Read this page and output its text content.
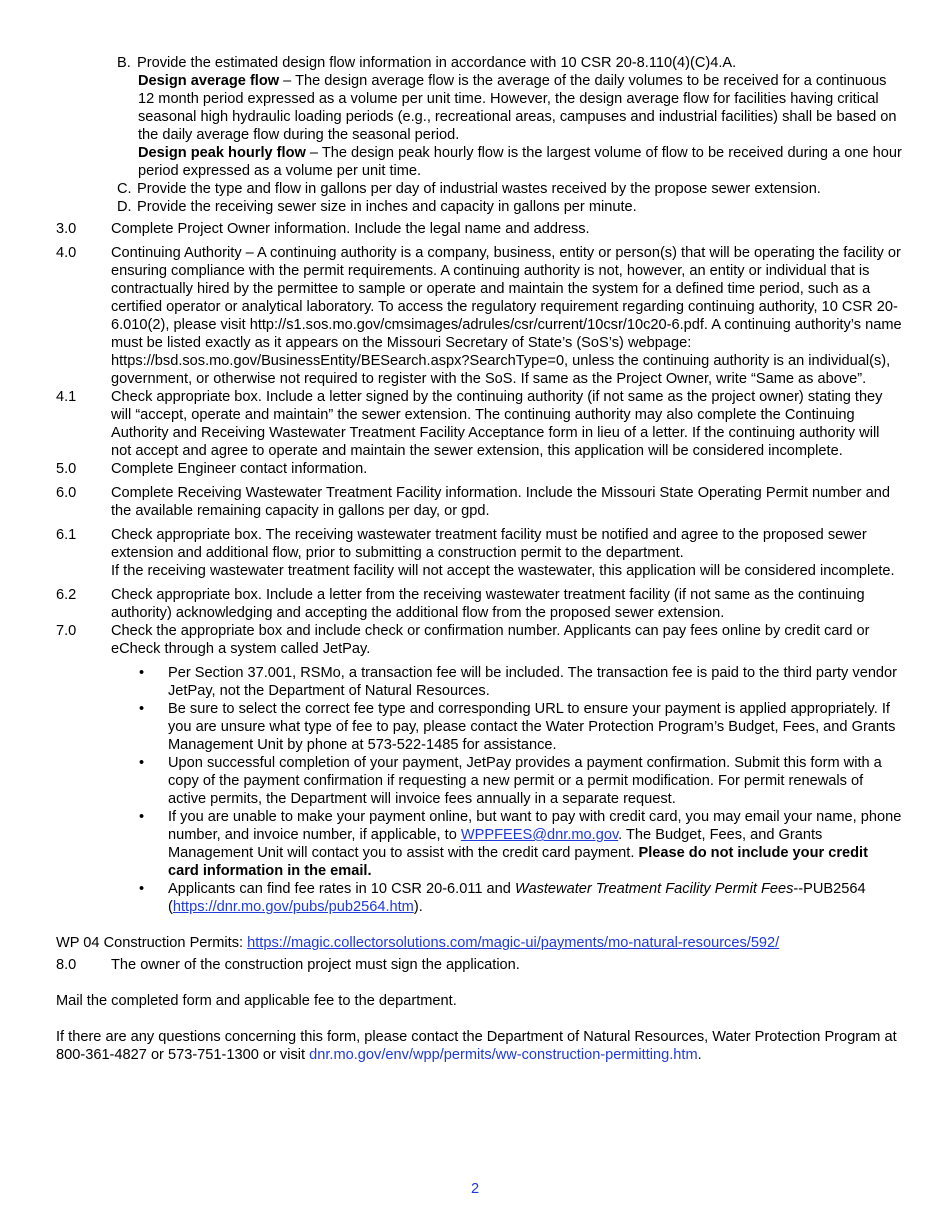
B. Provide the estimated design flow information in accordance with 10 CSR 20-8.110(4)(C)4.A.
Design average flow – The design average flow is the average of the daily volumes to be received for a continuous 12 month period expressed as a volume per unit time. However, the design average flow for facilities having critical seasonal high hydraulic loading periods (e.g., recreational areas, campuses and industrial facilities) shall be based on the daily average flow during the seasonal period.
Design peak hourly flow – The design peak hourly flow is the largest volume of flow to be received during a one hour period expressed as a volume per unit time.
C. Provide the type and flow in gallons per day of industrial wastes received by the propose sewer extension.
D. Provide the receiving sewer size in inches and capacity in gallons per minute.
3.0	Complete Project Owner information. Include the legal name and address.
4.0	Continuing Authority – A continuing authority is a company, business, entity or person(s) that will be operating the facility or ensuring compliance with the permit requirements. A continuing authority is not, however, an entity or individual that is contractually hired by the permittee to sample or operate and maintain the system for a defined time period, such as a certified operator or analytical laboratory. To access the regulatory requirement regarding continuing authority, 10 CSR 20-6.010(2), please visit http://s1.sos.mo.gov/cmsimages/adrules/csr/current/10csr/10c20-6.pdf. A continuing authority’s name must be listed exactly as it appears on the Missouri Secretary of State’s (SoS’s) webpage: https://bsd.sos.mo.gov/BusinessEntity/BESearch.aspx?SearchType=0, unless the continuing authority is an individual(s), government, or otherwise not required to register with the SoS. If same as the Project Owner, write “Same as above”.
4.1	Check appropriate box. Include a letter signed by the continuing authority (if not same as the project owner) stating they will “accept, operate and maintain” the sewer extension. The continuing authority may also complete the Continuing Authority and Receiving Wastewater Treatment Facility Acceptance form in lieu of a letter. If the continuing authority will not accept and agree to operate and maintain the sewer extension, this application will be considered incomplete.
5.0	Complete Engineer contact information.
6.0	Complete Receiving Wastewater Treatment Facility information. Include the Missouri State Operating Permit number and the available remaining capacity in gallons per day, or gpd.
6.1	Check appropriate box. The receiving wastewater treatment facility must be notified and agree to the proposed sewer extension and additional flow, prior to submitting a construction permit to the department.
If the receiving wastewater treatment facility will not accept the wastewater, this application will be considered incomplete.
6.2	Check appropriate box. Include a letter from the receiving wastewater treatment facility (if not same as the continuing authority) acknowledging and accepting the additional flow from the proposed sewer extension.
7.0	Check the appropriate box and include check or confirmation number. Applicants can pay fees online by credit card or eCheck through a system called JetPay.
•	Per Section 37.001, RSMo, a transaction fee will be included. The transaction fee is paid to the third party vendor JetPay, not the Department of Natural Resources.
•	Be sure to select the correct fee type and corresponding URL to ensure your payment is applied appropriately. If you are unsure what type of fee to pay, please contact the Water Protection Program’s Budget, Fees, and Grants Management Unit by phone at 573-522-1485 for assistance.
•	Upon successful completion of your payment, JetPay provides a payment confirmation. Submit this form with a copy of the payment confirmation if requesting a new permit or a permit modification. For permit renewals of active permits, the Department will invoice fees annually in a separate request.
•	If you are unable to make your payment online, but want to pay with credit card, you may email your name, phone number, and invoice number, if applicable, to WPPFEES@dnr.mo.gov. The Budget, Fees, and Grants Management Unit will contact you to assist with the credit card payment. Please do not include your credit card information in the email.
•	Applicants can find fee rates in 10 CSR 20-6.011 and Wastewater Treatment Facility Permit Fees--PUB2564 (https://dnr.mo.gov/pubs/pub2564.htm).
WP 04 Construction Permits: https://magic.collectorsolutions.com/magic-ui/payments/mo-natural-resources/592/
8.0	The owner of the construction project must sign the application.
Mail the completed form and applicable fee to the department.
If there are any questions concerning this form, please contact the Department of Natural Resources, Water Protection Program at 800-361-4827 or 573-751-1300 or visit dnr.mo.gov/env/wpp/permits/ww-construction-permitting.htm.
2
